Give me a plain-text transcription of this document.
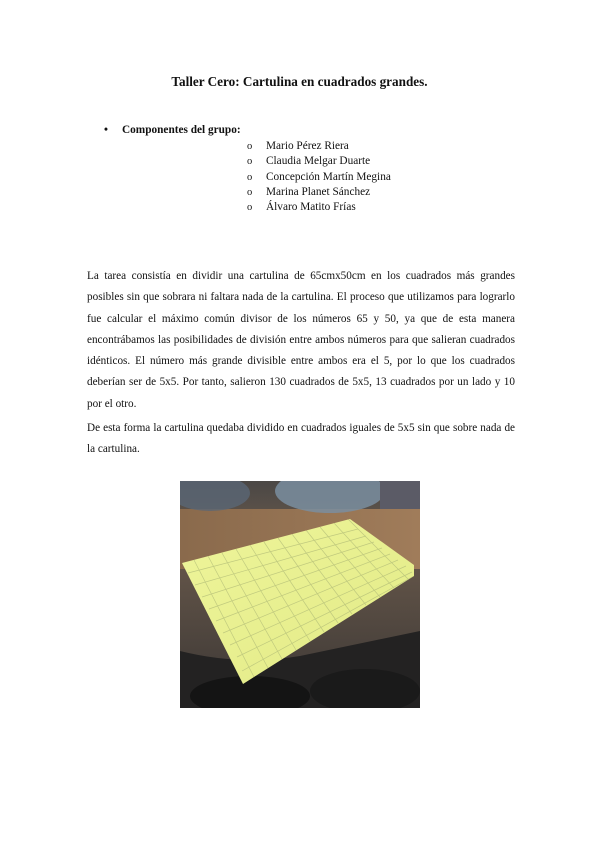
Taller Cero: Cartulina en cuadrados grandes.
• Componentes del grupo:
o Mario Pérez Riera
o Claudia Melgar Duarte
o Concepción Martín Megina
o Marina Planet Sánchez
o Álvaro Matito Frías

La tarea consistía en dividir una cartulina de 65cmx50cm en los cuadrados más grandes posibles sin que sobrara ni faltara nada de la cartulina. El proceso que utilizamos para lograrlo fue calcular el máximo común divisor de los números 65 y 50, ya que de esta manera encontrábamos las posibilidades de división entre ambos números para que salieran cuadrados idénticos. El número más grande divisible entre ambos era el 5, por lo que los cuadrados deberían ser de 5x5. Por tanto, salieron 130 cuadrados de 5x5, 13 cuadrados por un lado y 10 por el otro.

De esta forma la cartulina quedaba dividido en cuadrados iguales de 5x5 sin que sobre nada de la cartulina.
